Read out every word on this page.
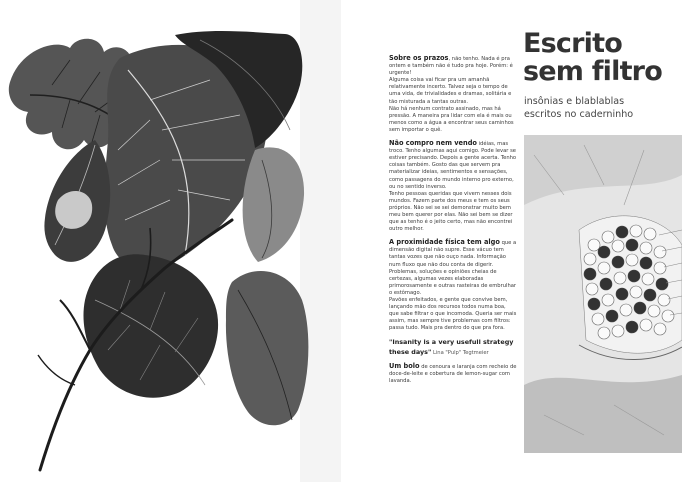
Sobre os prazos, não tenho. Nada é pra ontem e também não é tudo pra hoje. Porém: é urgente!
Alguma coisa vai ficar pra um amanhã relativamente incerto. Talvez seja o tempo de uma vida, de trivialidades e dramas, solitária e tão misturada a tantas outras.
Não há nenhum contrato assinado, mas há pressão. A maneira pra lidar com ela é mais ou menos como a água a encontrar seus caminhos sem importar o quê.

Não compro nem vendo idéias, mas troco. Tenho algumas aqui comigo. Pode levar se estiver precisando. Depois a gente acerta. Tenho coisas também. Gosto das que servem pra materializar ideias, sentimentos e sensações, como passagens do mundo interno pro externo, ou no sentido inverso.
Tenho pessoas queridas que vivem nesses dois mundos. Fazem parte dos meus e tem os seus próprios. Não sei se sei demonstrar muito bem meu bem querer por elas. Não sei bem se dizer que as tenho é o jeito certo, mas não encontrei outro melhor.

A proximidade física tem algo que a dimensão digital não supre. Esse vácuo tem tantas vozes que não ouço nada. Informação num fluxo que não dou conta de digerir. Problemas, soluções e opiniões cheias de certezas, algumas vezes elaboradas primorosamente e outras rasteiras de embrulhar o estômago.
Pavões enfeitados, e gente que convive bem, lançando mão dos recursos todos numa boa, que sabe filtrar o que incomoda. Queria ser mais assim, mas sempre tive problemas com filtros: passa tudo. Mais pra dentro do que pra fora.

"Insanity is a very usefull strategy these days" Lina "Pulp" Tegtmeier

Um bolo de cenoura e laranja com recheio de doce-de-leite e cobertura de lemon-sugar com lavanda.

Escrito
sem filtro
insônias e blablablas
escritos no caderninho
